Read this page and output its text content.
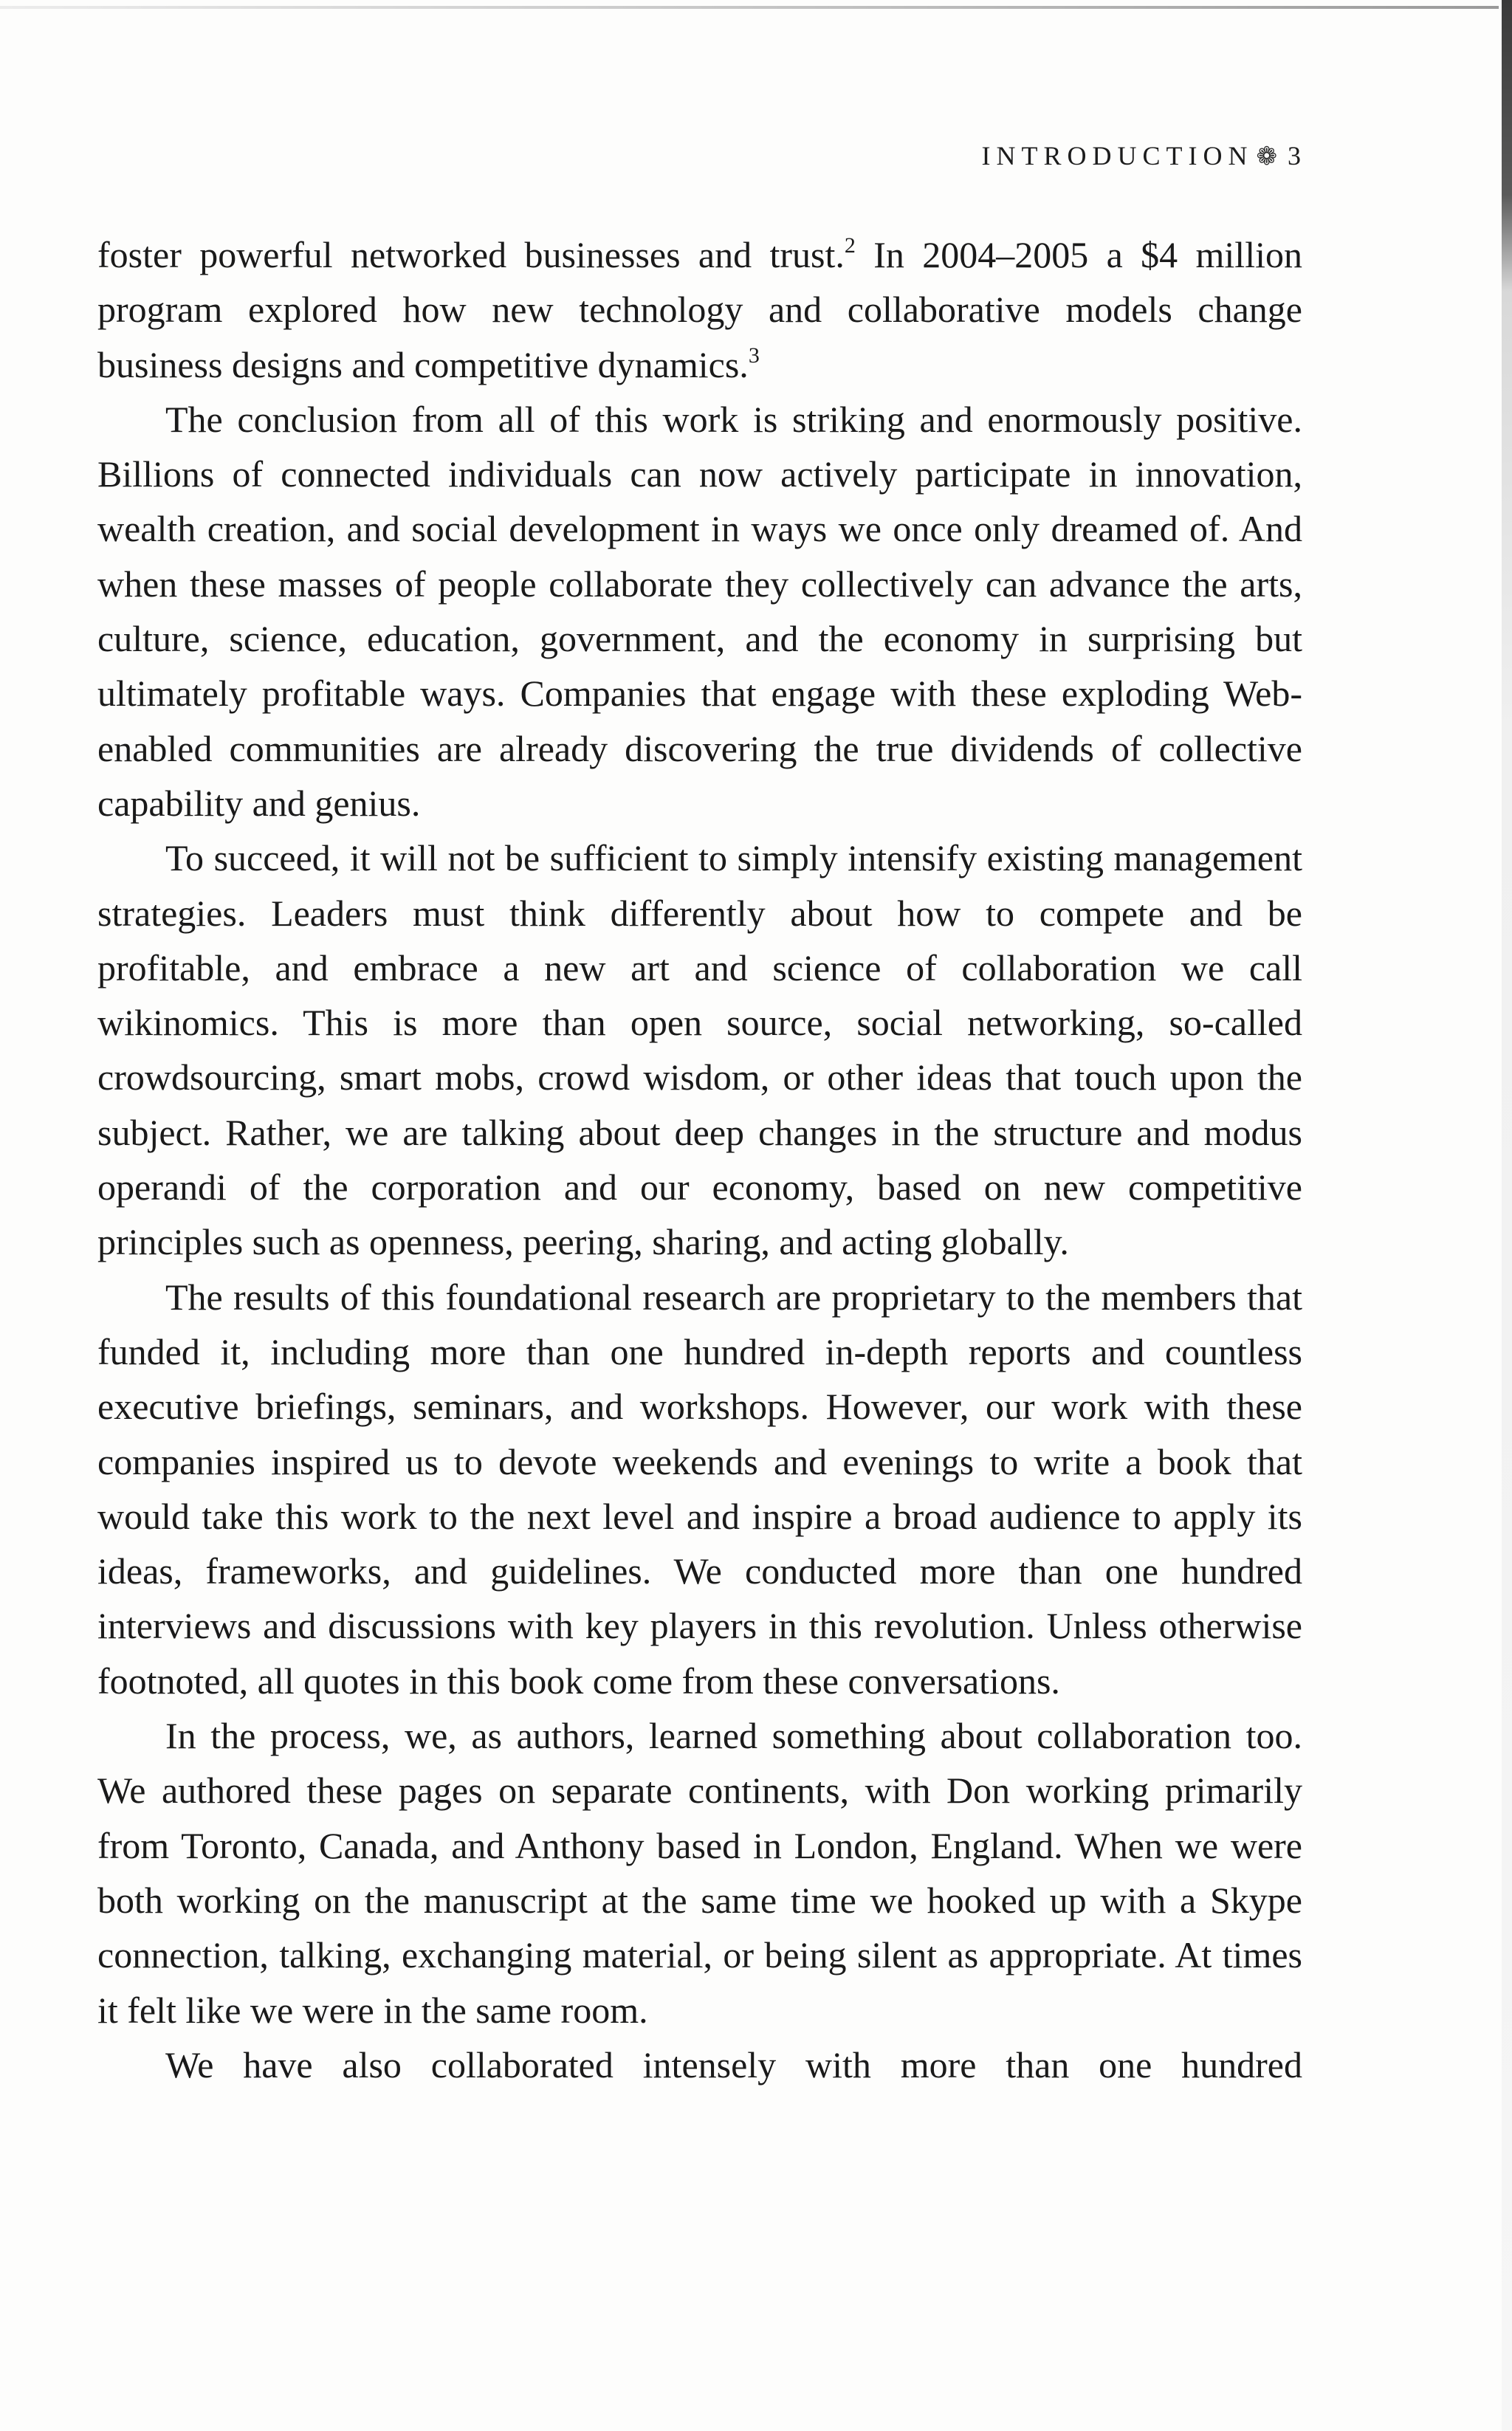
INTRODUCTION ❁ 3

foster powerful networked businesses and trust.$^2$ In 2004–2005 a $4 million program explored how new technology and collaborative models change business designs and competitive dynamics.$^3$

The conclusion from all of this work is striking and enormously positive. Billions of connected individuals can now actively participate in innovation, wealth creation, and social development in ways we once only dreamed of. And when these masses of people collaborate they collectively can advance the arts, culture, science, education, government, and the economy in surprising but ultimately profitable ways. Companies that engage with these exploding Web-enabled communities are already discovering the true dividends of collective capability and genius.

To succeed, it will not be sufficient to simply intensify existing management strategies. Leaders must think differently about how to compete and be profitable, and embrace a new art and science of collaboration we call wikinomics. This is more than open source, social networking, so-called crowdsourcing, smart mobs, crowd wisdom, or other ideas that touch upon the subject. Rather, we are talking about deep changes in the structure and modus operandi of the corporation and our economy, based on new competitive principles such as openness, peering, sharing, and acting globally.

The results of this foundational research are proprietary to the members that funded it, including more than one hundred in-depth reports and countless executive briefings, seminars, and workshops. However, our work with these companies inspired us to devote weekends and evenings to write a book that would take this work to the next level and inspire a broad audience to apply its ideas, frameworks, and guidelines. We conducted more than one hundred interviews and discussions with key players in this revolution. Unless otherwise footnoted, all quotes in this book come from these conversations.

In the process, we, as authors, learned something about collaboration too. We authored these pages on separate continents, with Don working primarily from Toronto, Canada, and Anthony based in London, England. When we were both working on the manuscript at the same time we hooked up with a Skype connection, talking, exchanging material, or being silent as appropriate. At times it felt like we were in the same room.

We have also collaborated intensely with more than one hundred
